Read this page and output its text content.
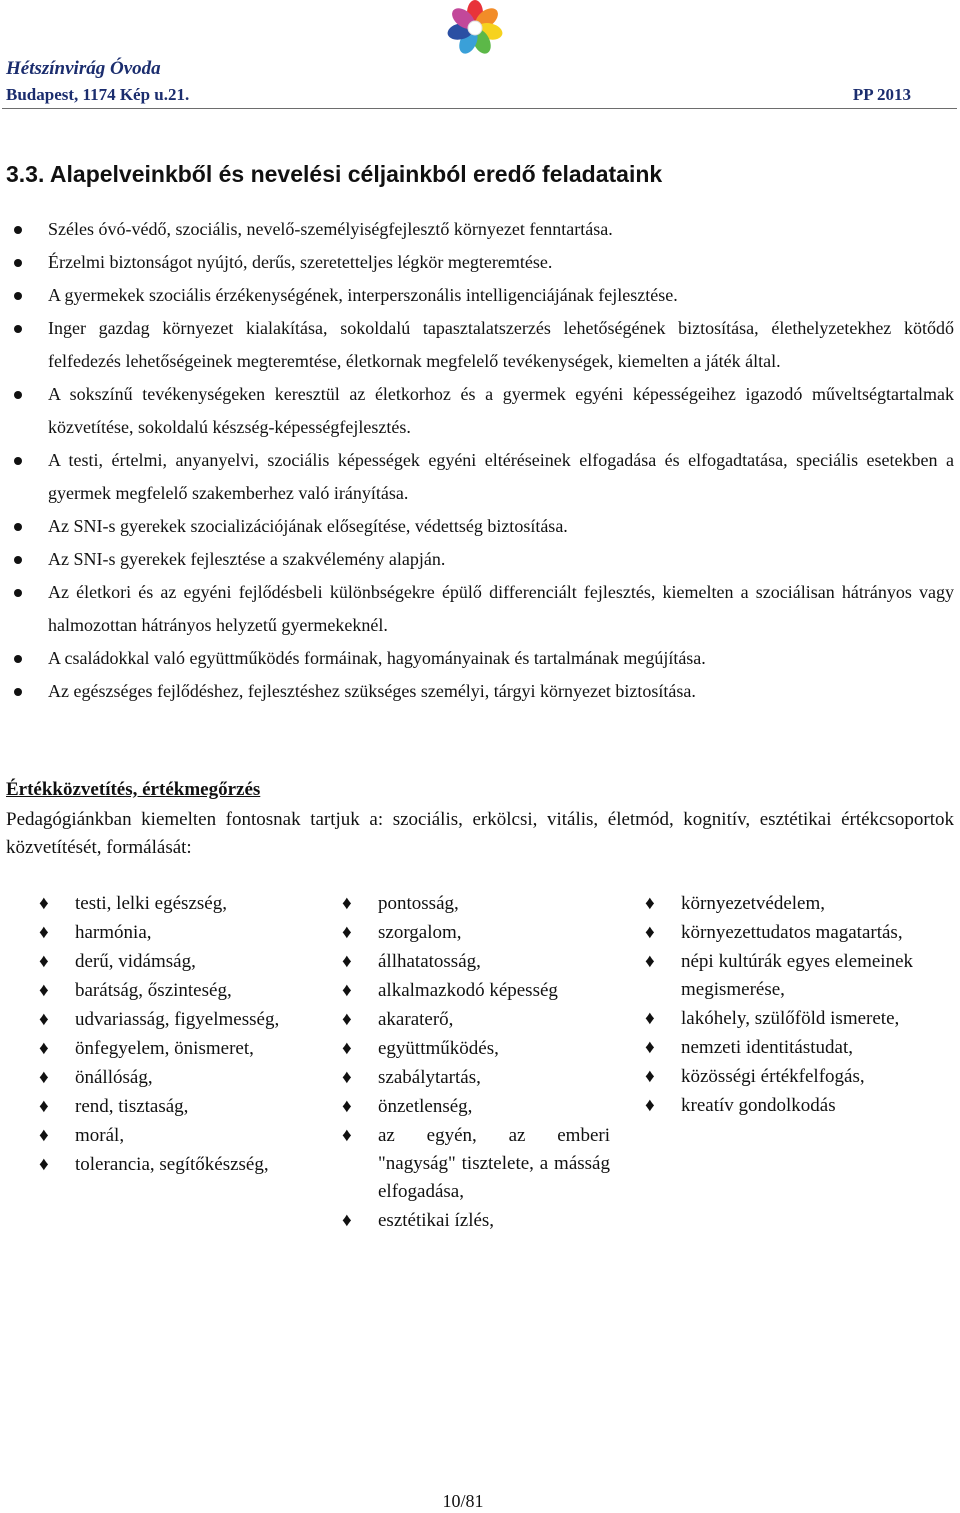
Hétszínvirág Óvoda
Budapest, 1174 Kép u.21.	PP 2013
3.3. Alapelveinkből és nevelési céljainkból eredő feladataink
Széles óvó-védő, szociális, nevelő-személyiségfejlesztő környezet fenntartása.
Érzelmi biztonságot nyújtó, derűs, szeretetteljes légkör megteremtése.
A gyermekek szociális érzékenységének, interperszonális intelligenciájának fejlesztése.
Inger gazdag környezet kialakítása, sokoldalú tapasztalatszerzés lehetőségének biztosítása, élethelyzetekhez kötődő felfedezés lehetőségeinek megteremtése, életkornak megfelelő tevékenységek, kiemelten a játék által.
A sokszínű tevékenységeken keresztül az életkorhoz és a gyermek egyéni képességeihez igazodó műveltségtartalmak közvetítése, sokoldalú készség-képességfejlesztés.
A testi, értelmi, anyanyelvi, szociális képességek egyéni eltéréseinek elfogadása és elfogadtatása, speciális esetekben a gyermek megfelelő szakemberhez való irányítása.
Az SNI-s gyerekek szocializációjának elősegítése, védettség biztosítása.
Az SNI-s gyerekek fejlesztése a szakvélemény alapján.
Az életkori és az egyéni fejlődésbeli különbségekre épülő differenciált fejlesztés, kiemelten a szociálisan hátrányos vagy halmozottan hátrányos helyzetű gyermekeknél.
A családokkal való együttműködés formáinak, hagyományainak és tartalmának megújítása.
Az egészséges fejlődéshez, fejlesztéshez szükséges személyi, tárgyi környezet biztosítása.
Értékközvetítés, értékmegőrzés
Pedagógiánkban kiemelten fontosnak tartjuk a: szociális, erkölcsi, vitális, életmód, kognitív, esztétikai értékcsoportok közvetítését, formálását:
♦ testi, lelki egészség,
♦ harmónia,
♦ derű, vidámság,
♦ barátság, őszinteség,
♦ udvariasság, figyelmesség,
♦ önfegyelem, önismeret,
♦ önállóság,
♦ rend, tisztaság,
♦ morál,
♦ tolerancia, segítőkészség,
♦ pontosság,
♦ szorgalom,
♦ állhatatosság,
♦ alkalmazkodó képesség
♦ akaraterő,
♦ együttműködés,
♦ szabálytartás,
♦ önzetlenség,
♦ az egyén, az emberi "nagyság" tisztelete, a másság elfogadása,
♦ esztétikai ízlés,
♦ környezetvédelem,
♦ környezettudatos magatartás,
♦ népi kultúrák egyes elemeinek megismerése,
♦ lakóhely, szülőföld ismerete,
♦ nemzeti identitástudat,
♦ közösségi értékfelfogás,
♦ kreatív gondolkodás
10/81
